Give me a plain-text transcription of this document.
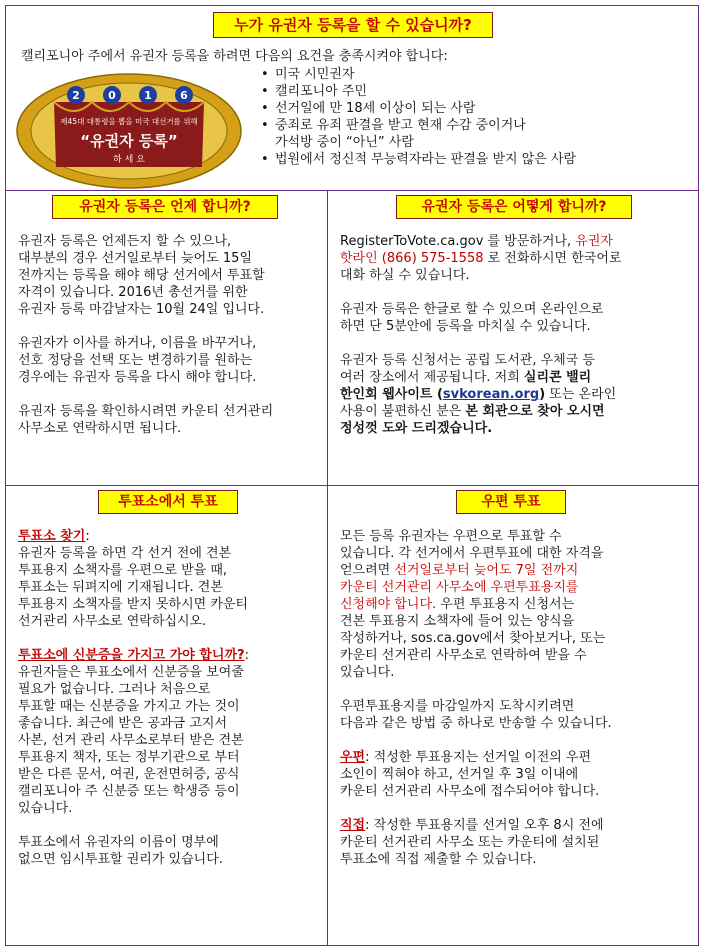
누가 유권자 등록을 할 수 있습니까?
캘리포니아 주에서 유권자 등록을 하려면 다음의 요건을 충족시켜야 합니다:
2	0	1	6
제45대 대통령을 뽑을 미국 대선거를 위해
“유권자 등록”
하 세 요
• 미국 시민권자
• 캘리포니아 주민
• 선거일에 만 18세 이상이 되는 사람
• 중죄로 유죄 판결을 받고 현재 수감 중이거나
가석방 중이 “아닌” 사람
• 법원에서 정신적 무능력자라는 판결을 받지 않은 사람
유권자 등록은 언제 합니까?

유권자 등록은 언제든지 할 수 있으나,

대부분의 경우 선거일로부터 늦어도 15일

전까지는 등록을 해야 해당 선거에서 투표할

자격이 있습니다. 2016년 총선거를 위한

유권자 등록 마감날자는 10월 24일 입니다.

유권자가 이사를 하거나, 이름을 바꾸거나,

선호 정당을 선택 또는 변경하기를 원하는

경우에는 유권자 등록을 다시 해야 합니다.

유권자 등록을 확인하시려면 카운티 선거관리

사무소로 연락하시면 됩니다.

유권자 등록은 어떻게 합니까?

RegisterToVote.ca.gov 를 방문하거나, 유권자

핫라인 (866) 575-1558 로 전화하시면 한국어로

대화 하실 수 있습니다.

유권자 등록은 한글로 할 수 있으며 온라인으로

하면 단 5분안에 등록을 마치실 수 있습니다.

유권자 등록 신청서는 공립 도서관, 우체국 등

여러 장소에서 제공됩니다. 저희 실리콘 밸리

한인회 웹사이트 (svkorean.org) 또는 온라인

사용이 불편하신 분은 본 회관으로 찾아 오시면

정성껏 도와 드리겠습니다.

투표소에서 투표

투표소 찾기:

유권자 등록을 하면 각 선거 전에 견본

투표용지 소책자를 우편으로 받을 때,

투표소는 뒤펴지에 기재됩니다. 견본

투표용지 소책자를 받지 못하시면 카운티

선거관리 사무소로 연락하십시오.

투표소에 신분증을 가지고 가야 합니까?:

유권자들은 투표소에서 신분증을 보여줄

필요가 없습니다. 그러나 처음으로

투표할 때는 신분증을 가지고 가는 것이

좋습니다. 최근에 받은 공과금 고지서

사본, 선거 관리 사무소로부터 받은 견본

투표용지 책자, 또는 정부기관으로 부터

받은 다른 문서, 여권, 운전면허증, 공식

캘리포니아 주 신분증 또는 학생증 등이

있습니다.

투표소에서 유권자의 이름이 명부에

없으면 임시투표할 권리가 있습니다.

우편 투표

모든 등록 유권자는 우편으로 투표할 수

있습니다. 각 선거에서 우편투표에 대한 자격을

얻으려면 선거일로부터 늦어도 7일 전까지

카운티 선거관리 사무소에 우편투표용지를

신청해야 합니다. 우편 투표용지 신청서는

견본 투표용지 소책자에 들어 있는 양식을

작성하거나, sos.ca.gov에서 찾아보거나, 또는

카운티 선거관리 사무소로 연락하여 받을 수

있습니다.

우편투표용지를 마감일까지 도착시키려면

다음과 같은 방법 중 하나로 반송할 수 있습니다.

우편: 적성한 투표용지는 선거일 이전의 우편

소인이 찍혀야 하고, 선거일 후 3일 이내에

카운티 선거관리 사무소에 접수되어야 합니다.

직접: 작성한 투표용지를 선거일 오후 8시 전에

카운티 선거관리 사무소 또는 카운티에 설치된

투표소에 직접 제출할 수 있습니다.
